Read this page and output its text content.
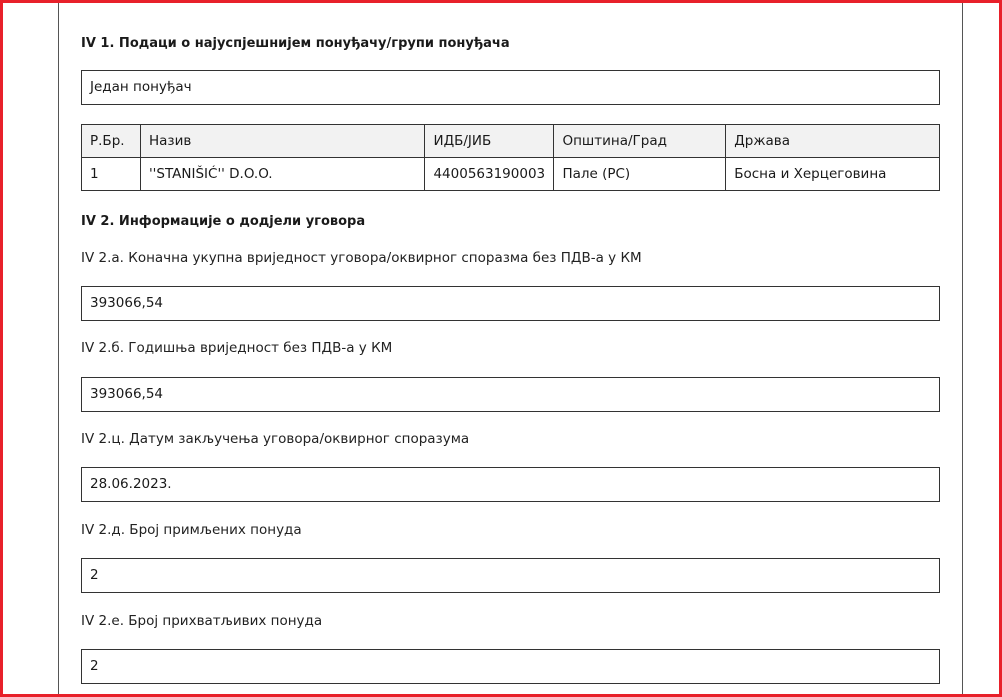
IV 1. Подаци о најуспјешнијем понуђачу/групи понуђача
Један понуђач
Р.Бр.	Назив	ИДБ/ЈИБ	Општина/Град	Држава
1	''STANIŠIĆ'' D.O.O.	4400563190003	Пале (РС)	Босна и Херцеговина
IV 2. Информације о додјели уговора
IV 2.а. Коначна укупна вриједност уговора/оквирног споразма без ПДВ-а у КМ
393066,54
IV 2.б. Годишња вриједност без ПДВ-а у КМ
393066,54
IV 2.ц. Датум закључења уговора/оквирног споразума
28.06.2023.
IV 2.д. Број примљених понуда
2
IV 2.е. Број прихватљивих понуда
2
